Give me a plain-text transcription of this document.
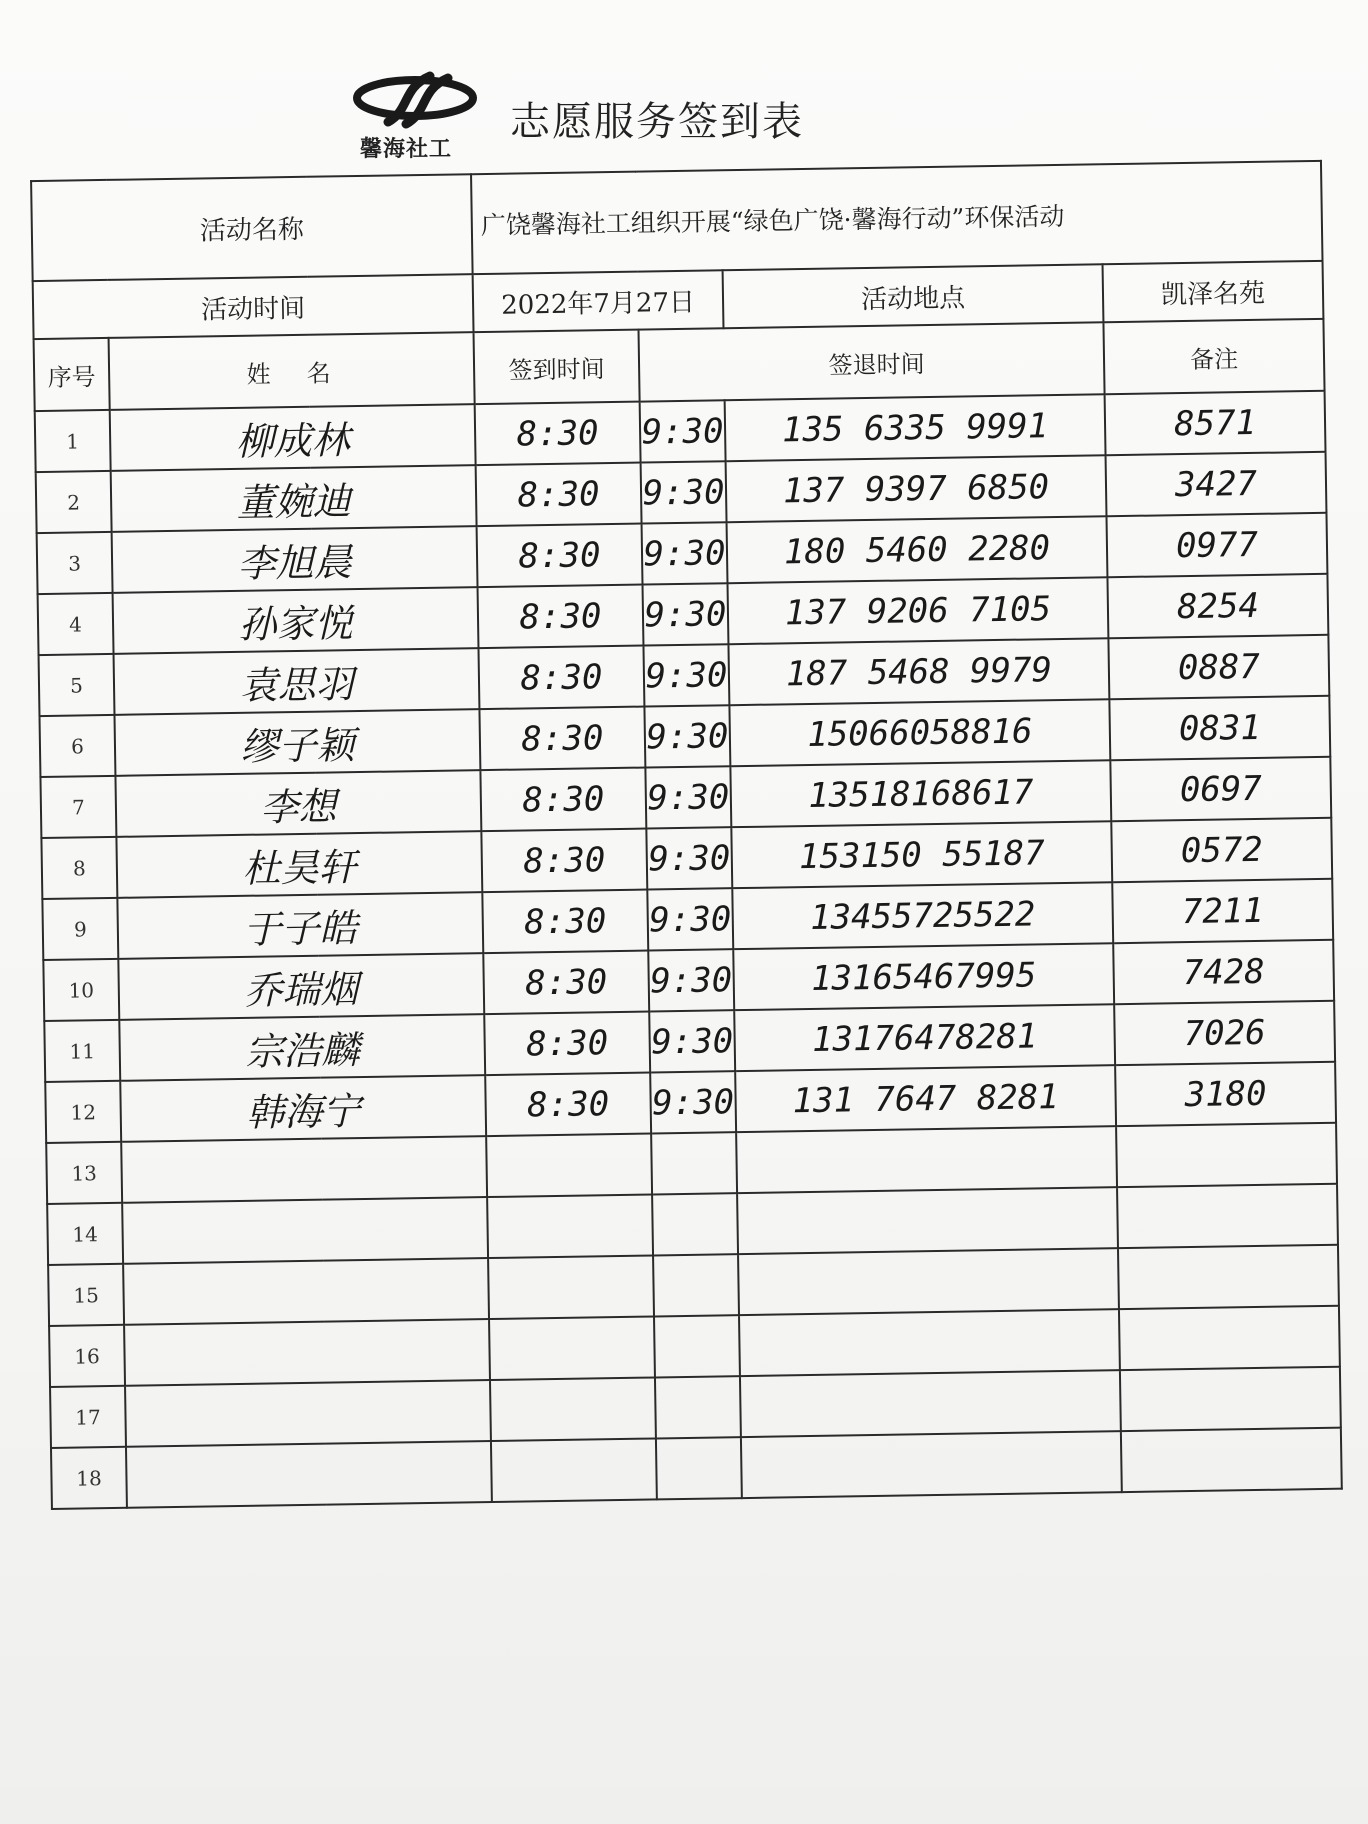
馨海社工
志愿服务签到表
活动名称		广饶馨海社工组织开展“绿色广饶·馨海行动”环保活动			
活动时间		2022年7月27日		活动地点	凯泽名苑
序号	姓　名	签到时间	签退时间		备注
1	柳成林	8:30	9:30	135 6335 9991	8571
2	董婉迪	8:30	9:30	137 9397 6850	3427
3	李旭晨	8:30	9:30	180 5460 2280	0977
4	孙家悦	8:30	9:30	137 9206 7105	8254
5	袁思羽	8:30	9:30	187 5468 9979	0887
6	缪子颖	8:30	9:30	15066058816	0831
7	李想	8:30	9:30	13518168617	0697
8	杜昊轩	8:30	9:30	153150 55187	0572
9	于子皓	8:30	9:30	13455725522	7211
10	乔瑞烟	8:30	9:30	13165467995	7428
11	宗浩麟	8:30	9:30	13176478281	7026
12	韩海宁	8:30	9:30	131 7647 8281	3180
13					
14					
15					
16					
17					
18					
